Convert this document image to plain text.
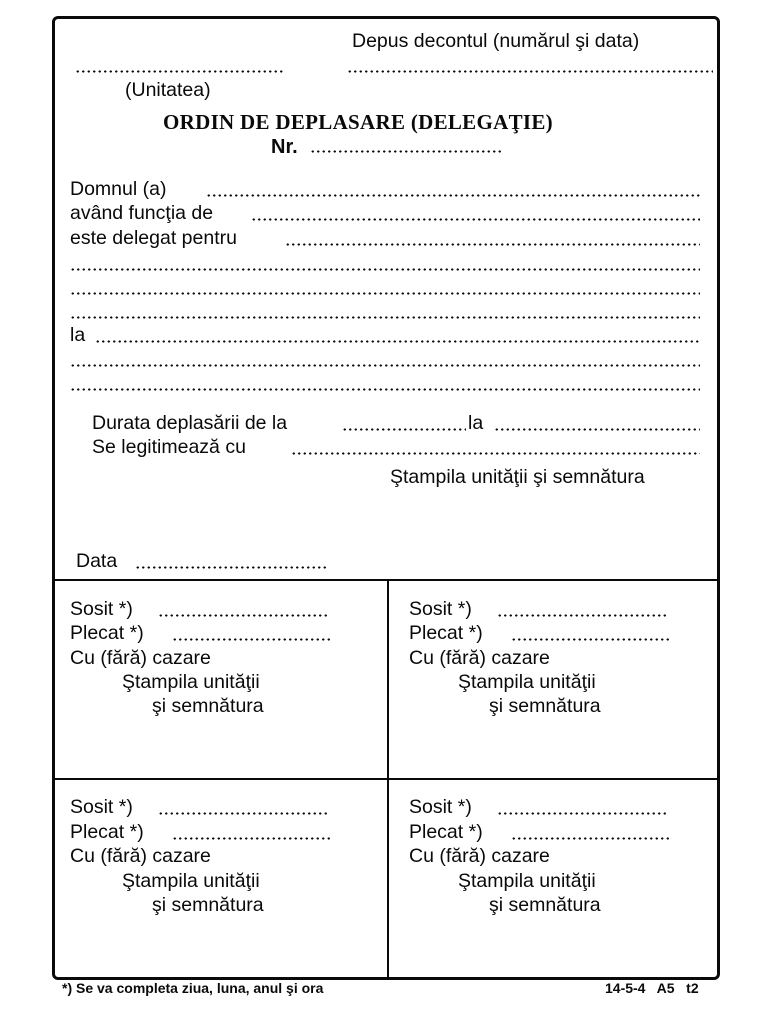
Depus decontul (numărul şi data)
(Unitatea)
ORDIN DE DEPLASARE (DELEGAŢIE)
Nr.
Domnul (a)
având funcţia de
este delegat pentru
la
Durata deplasării de la	la
Se legitimează cu
Ştampila unităţii şi semnătura
Data
Sosit *)
Plecat *)
Cu (fără) cazare
Ştampila unităţii
şi semnătura
Sosit *)
Plecat *)
Cu (fără) cazare
Ştampila unităţii
şi semnătura
Sosit *)
Plecat *)
Cu (fără) cazare
Ştampila unităţii
şi semnătura
Sosit *)
Plecat *)
Cu (fără) cazare
Ştampila unităţii
şi semnătura
*) Se va completa ziua, luna, anul şi ora	14-5-4   A5   t2
